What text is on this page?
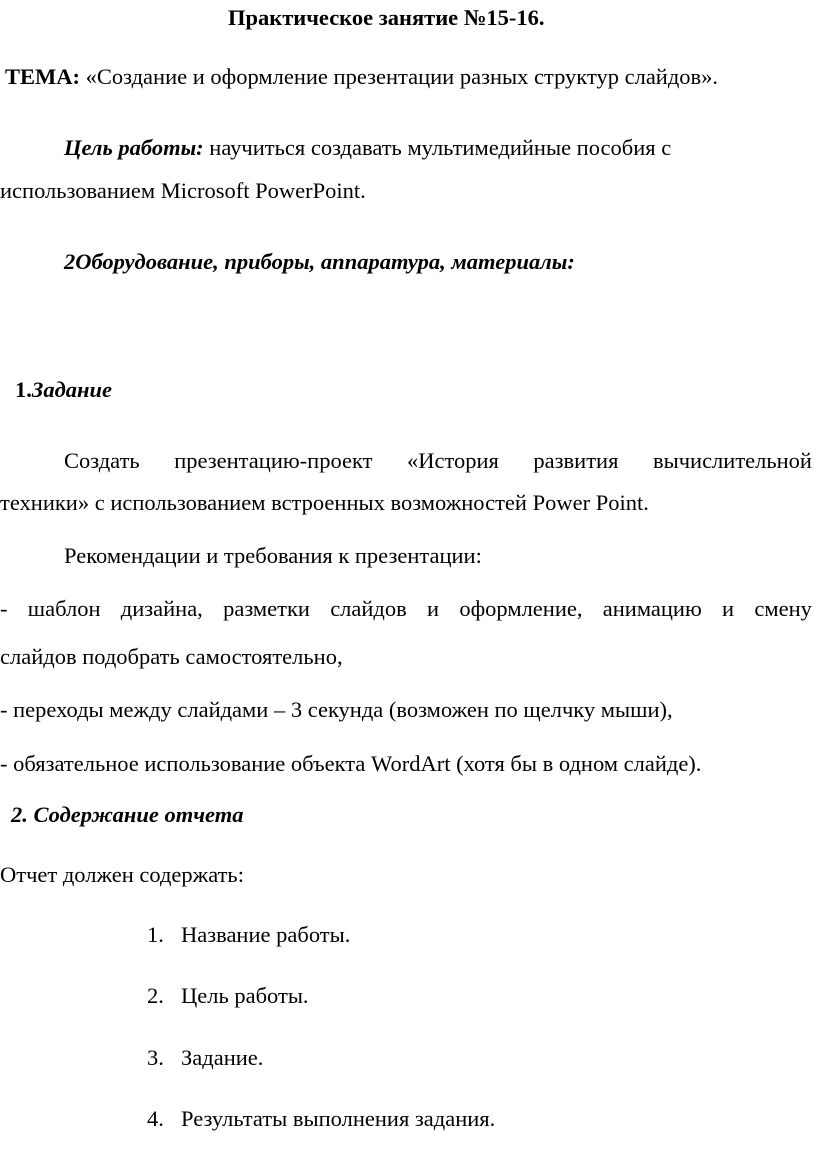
Практическое занятие №15-16.
ТЕМА: «Создание и оформление презентации разных структур слайдов».
Цель работы: научиться создавать мультимедийные пособия с
использованием Microsoft PowerPoint.
2Оборудование, приборы, аппаратура, материалы:
1.Задание
Создать презентацию-проект «История развития вычислительной
техники» с использованием встроенных возможностей Power Point.
Рекомендации и требования к презентации:
- шаблон дизайна, разметки слайдов и оформление, анимацию и смену
слайдов подобрать самостоятельно,
- переходы между слайдами – 3 секунда (возможен по щелчку мыши),
- обязательное использование объекта WordArt (хотя бы в одном слайде).
2. Содержание отчета
Отчет должен содержать:
1. Название работы.
2. Цель работы.
3. Задание.
4. Результаты выполнения задания.
